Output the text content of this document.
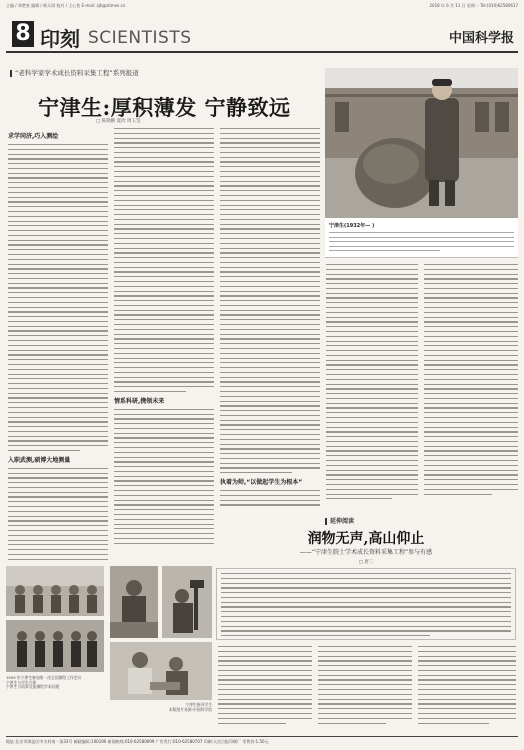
主编 / 郑楚豪 编辑 / 韩天琪 校对 / 王心怡 E-mail: zjk@stimes.cn	2018 年 6 月 11 日 星期一 Tel:(010)62580617
8 印刻 SCIENTISTS	中国科学报
“老科学家学术成长资料采集工程”系列报道
宁津生:厚积薄发 宁静致远
□ 陈晓鹏 夏欣 周玉莹
求学同济,巧入测绘
入职武测,硕博大地测量
情系科研,携领未来
执着为师,“以做起学生为根本”
宁津生(1932年— )
延伸阅读
润物无声,高山仰止
——“宁津生院士学术成长资料采集工程”参与有感
□ 唐三
1959 年宁津生参加第一次全国测绘工作会议
宁津生与学生合影
宁津生与同事交流测绘学术问题
宁津生指导学生
本版图片来源:中国科学院
地址:北京市海淀区中关村南一条33号 邮政编码:100190 新闻热线:010-62580699 广告发行:010-62580707 印刷:人民日报印刷厂 零售价:1.50元
